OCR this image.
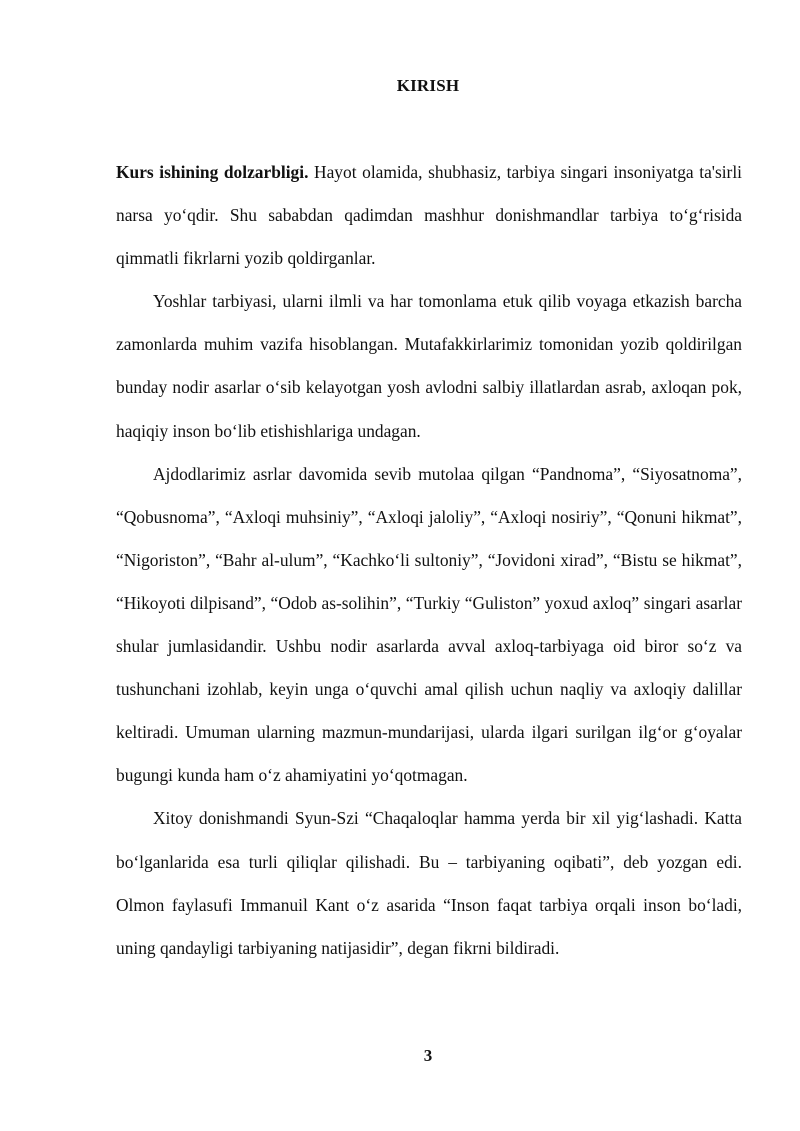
KIRISH

Kurs ishining dolzarbligi. Hayot olamida, shubhasiz, tarbiya singari insoniyatga ta'sirli narsa yo‘qdir. Shu sababdan qadimdan mashhur donishmandlar tarbiya to‘g‘risida qimmatli fikrlarni yozib qoldirganlar.

Yoshlar tarbiyasi, ularni ilmli va har tomonlama etuk qilib voyaga etkazish barcha zamonlarda muhim vazifa hisoblangan. Mutafakkirlarimiz tomonidan yozib qoldirilgan bunday nodir asarlar o‘sib kelayotgan yosh avlodni salbiy illatlardan asrab, axloqan pok, haqiqiy inson bo‘lib etishishlariga undagan.

Ajdodlarimiz asrlar davomida sevib mutolaa qilgan “Pandnoma”, “Siyosatnoma”, “Qobusnoma”, “Axloqi muhsiniy”, “Axloqi jaloliy”, “Axloqi nosiriy”, “Qonuni hikmat”, “Nigoriston”, “Bahr al-ulum”, “Kachko‘li sultoniy”, “Jovidoni xirad”, “Bistu se hikmat”, “Hikoyoti dilpisand”, “Odob as-solihin”, “Turkiy “Guliston” yoxud axloq” singari asarlar shular jumlasidandir. Ushbu nodir asarlarda avval axloq-tarbiyaga oid biror so‘z va tushunchani izohlab, keyin unga o‘quvchi amal qilish uchun naqliy va axloqiy dalillar keltiradi. Umuman ularning mazmun-mundarijasi, ularda ilgari surilgan ilg‘or g‘oyalar bugungi kunda ham o‘z ahamiyatini yo‘qotmagan.

Xitoy donishmandi Syun-Szi “Chaqaloqlar hamma yerda bir xil yig‘lashadi. Katta bo‘lganlarida esa turli qiliqlar qilishadi. Bu – tarbiyaning oqibati”, deb yozgan edi. Olmon faylasufi Immanuil Kant o‘z asarida “Inson faqat tarbiya orqali inson bo‘ladi, uning qandayligi tarbiyaning natijasidir”, degan fikrni bildiradi.

3
